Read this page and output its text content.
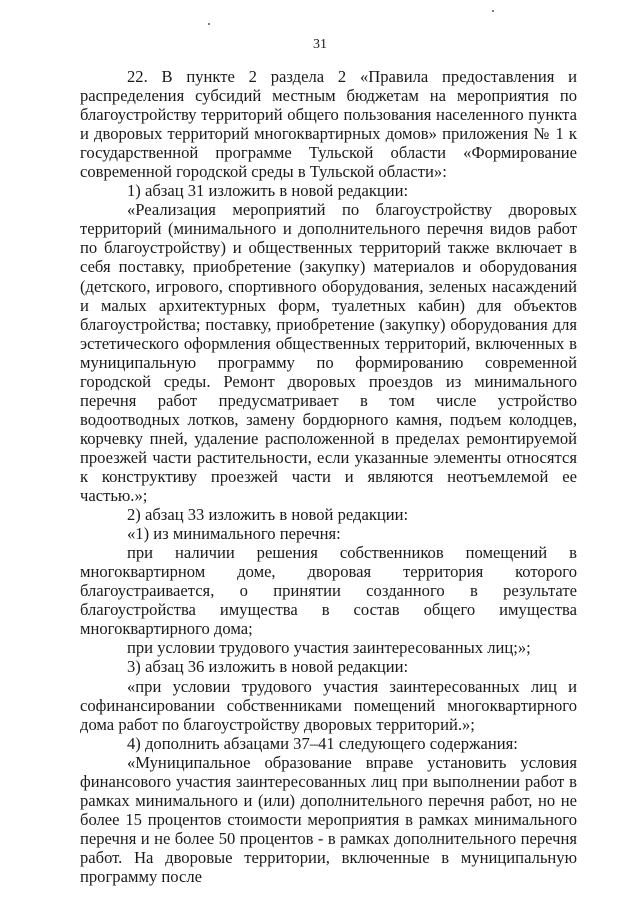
31

22. В пункте 2 раздела 2 «Правила предоставления и распределения субсидий местным бюджетам на мероприятия по благоустройству территорий общего пользования населенного пункта и дворовых территорий многоквартирных домов» приложения № 1 к государственной программе Тульской области «Формирование современной городской среды в Тульской области»:

1) абзац 31 изложить в новой редакции:

«Реализация мероприятий по благоустройству дворовых территорий (минимального и дополнительного перечня видов работ по благоустройству) и общественных территорий также включает в себя поставку, приобретение (закупку) материалов и оборудования (детского, игрового, спортивного оборудования, зеленых насаждений и малых архитектурных форм, туалетных кабин) для объектов благоустройства; поставку, приобретение (закупку) оборудования для эстетического оформления общественных территорий, включенных в муниципальную программу по формированию современной городской среды. Ремонт дворовых проездов из минимального перечня работ предусматривает в том числе устройство водоотводных лотков, замену бордюрного камня, подъем колодцев, корчевку пней, удаление расположенной в пределах ремонтируемой проезжей части растительности, если указанные элементы относятся к конструктиву проезжей части и являются неотъемлемой ее частью.»;

2) абзац 33 изложить в новой редакции:

«1) из минимального перечня:

при наличии решения собственников помещений в многоквартирном доме, дворовая территория которого благоустраивается, о принятии созданного в результате благоустройства имущества в состав общего имущества многоквартирного дома;

при условии трудового участия заинтересованных лиц;»;

3) абзац 36 изложить в новой редакции:

«при условии трудового участия заинтересованных лиц и софинансировании собственниками помещений многоквартирного дома работ по благоустройству дворовых территорий.»;

4) дополнить абзацами 37–41 следующего содержания:

«Муниципальное образование вправе установить условия финансового участия заинтересованных лиц при выполнении работ в рамках минимального и (или) дополнительного перечня работ, но не более 15 процентов стоимости мероприятия в рамках минимального перечня и не более 50 процентов - в рамках дополнительного перечня работ. На дворовые территории, включенные в муниципальную программу после
